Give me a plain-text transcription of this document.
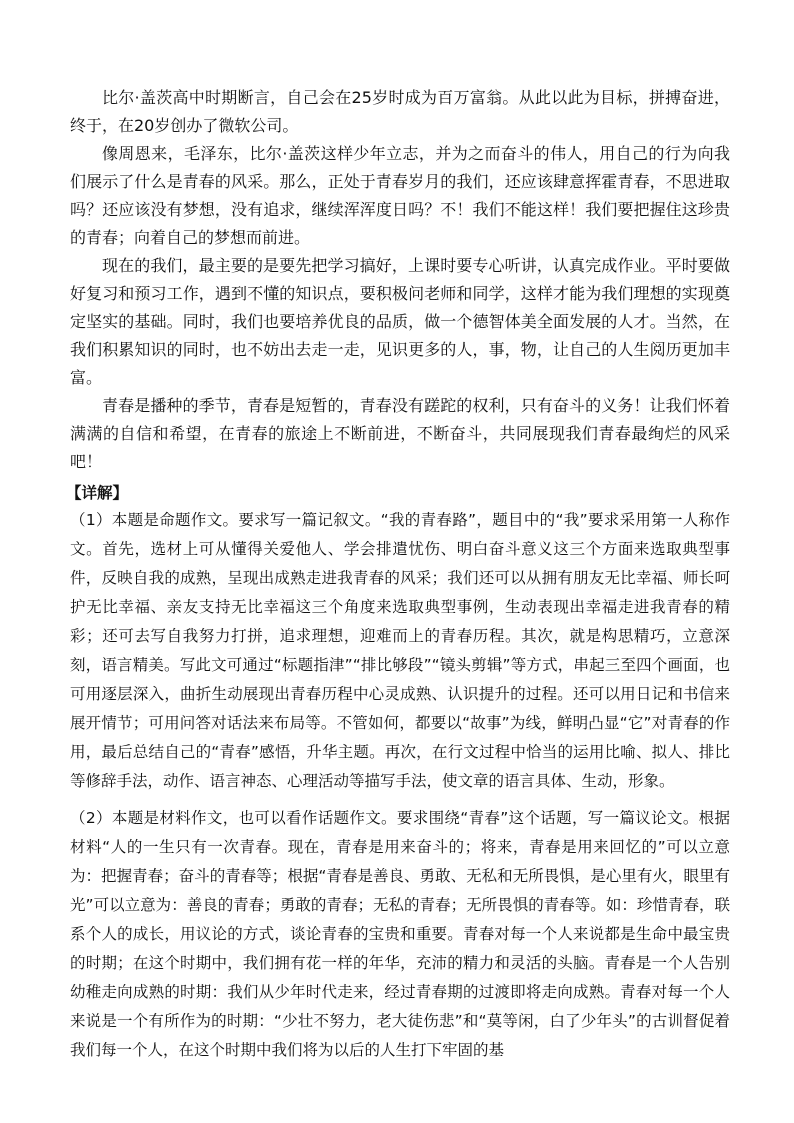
比尔·盖茨高中时期断言，自己会在25岁时成为百万富翁。从此以此为目标，拼搏奋进，终于，在20岁创办了微软公司。

像周恩来，毛泽东，比尔·盖茨这样少年立志，并为之而奋斗的伟人，用自己的行为向我们展示了什么是青春的风采。那么，正处于青春岁月的我们，还应该肆意挥霍青春，不思进取吗？还应该没有梦想，没有追求，继续浑浑度日吗？不！我们不能这样！我们要把握住这珍贵的青春；向着自己的梦想而前进。

现在的我们，最主要的是要先把学习搞好，上课时要专心听讲，认真完成作业。平时要做好复习和预习工作，遇到不懂的知识点，要积极问老师和同学，这样才能为我们理想的实现奠定坚实的基础。同时，我们也要培养优良的品质，做一个德智体美全面发展的人才。当然，在我们积累知识的同时，也不妨出去走一走，见识更多的人，事，物，让自己的人生阅历更加丰富。

青春是播种的季节，青春是短暂的，青春没有蹉跎的权利，只有奋斗的义务！让我们怀着满满的自信和希望，在青春的旅途上不断前进，不断奋斗，共同展现我们青春最绚烂的风采吧！

【详解】

（1）本题是命题作文。要求写一篇记叙文。“我的青春路”，题目中的“我”要求采用第一人称作文。首先，选材上可从懂得关爱他人、学会排遣忧伤、明白奋斗意义这三个方面来选取典型事件，反映自我的成熟，呈现出成熟走进我青春的风采；我们还可以从拥有朋友无比幸福、师长呵护无比幸福、亲友支持无比幸福这三个角度来选取典型事例，生动表现出幸福走进我青春的精彩；还可去写自我努力打拼，追求理想，迎难而上的青春历程。其次，就是构思精巧，立意深刻，语言精美。写此文可通过“标题指津”“排比够段”“镜头剪辑”等方式，串起三至四个画面，也可用逐层深入，曲折生动展现出青春历程中心灵成熟、认识提升的过程。还可以用日记和书信来展开情节；可用问答对话法来布局等。不管如何，都要以“故事”为线，鲜明凸显“它”对青春的作用，最后总结自己的“青春”感悟，升华主题。再次，在行文过程中恰当的运用比喻、拟人、排比等修辞手法，动作、语言神态、心理活动等描写手法，使文章的语言具体、生动，形象。

（2）本题是材料作文，也可以看作话题作文。要求围绕“青春”这个话题，写一篇议论文。根据材料“人的一生只有一次青春。现在，青春是用来奋斗的；将来，青春是用来回忆的”可以立意为：把握青春；奋斗的青春等；根据“青春是善良、勇敢、无私和无所畏惧，是心里有火，眼里有光”可以立意为：善良的青春；勇敢的青春；无私的青春；无所畏惧的青春等。如：珍惜青春，联系个人的成长，用议论的方式，谈论青春的宝贵和重要。青春对每一个人来说都是生命中最宝贵的时期；在这个时期中，我们拥有花一样的年华，充沛的精力和灵活的头脑。青春是一个人告别幼稚走向成熟的时期：我们从少年时代走来，经过青春期的过渡即将走向成熟。青春对每一个人来说是一个有所作为的时期：“少壮不努力，老大徒伤悲”和“莫等闲，白了少年头”的古训督促着我们每一个人，在这个时期中我们将为以后的人生打下牢固的基
